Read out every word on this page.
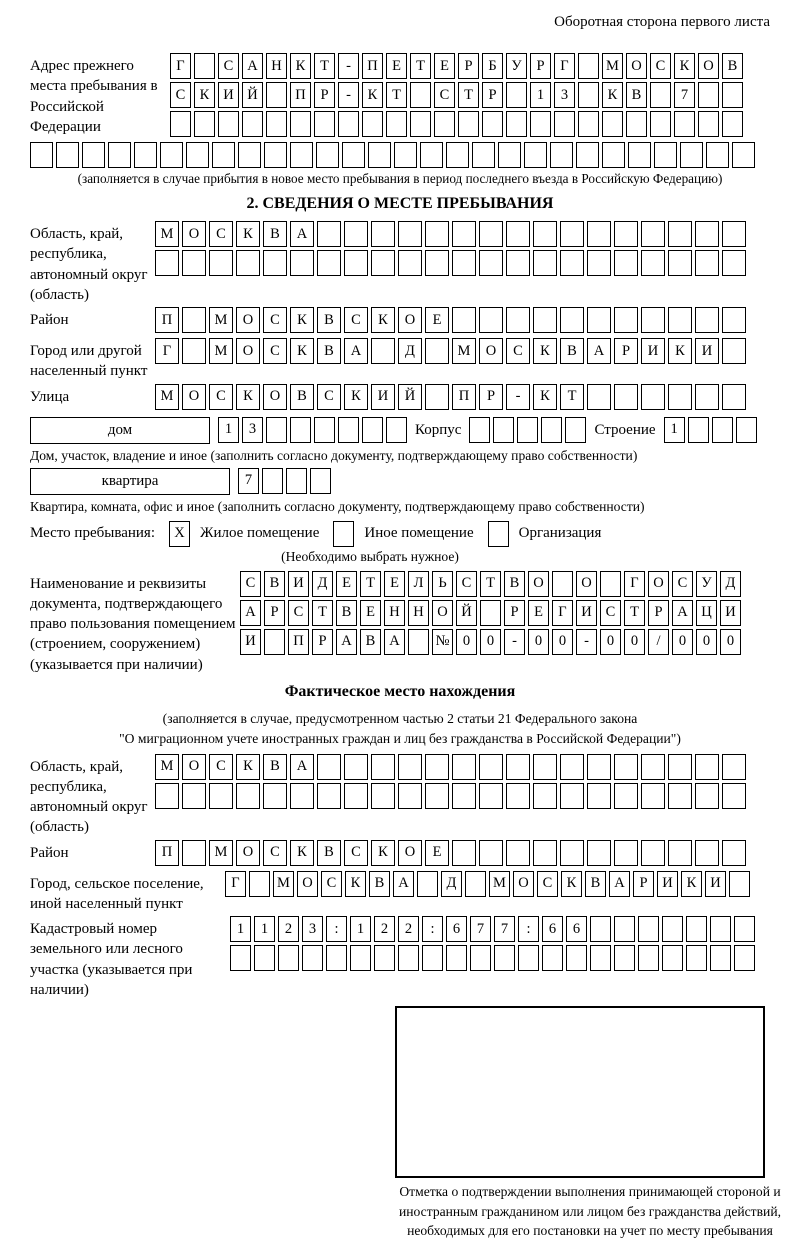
Оборотная сторона первого листа
Адрес прежнего места пребывания в Российской Федерации
Г	С А Н К	Т	-	П Е	Т	Е	Р	Б	У	Р	Г	М О С К О В
С К И Й	П	Р	-	К	Т	С	Т	Р	1	3	К В	7
(заполняется в случае прибытия в новое место пребывания в период последнего въезда в Российскую Федерацию)
2. СВЕДЕНИЯ О МЕСТЕ ПРЕБЫВАНИЯ
Область, край, республика, автономный округ (область)
М	О	С	К	В	А
Район	П	М	О	С	К	В	С	К	О	Е
Город или другой населенный пункт
Г	М	О	С	К	В	А	Д	М	О	С	К	В	А	Р	И	К	И
Улица	М	О	С	К	О	В	С	К	И	Й	П	Р	-	К	Т
дом	1	3	Корпус	Строение	1
Дом, участок, владение и иное (заполнить согласно документу, подтверждающему право собственности)
квартира	7
Квартира, комната, офис и иное (заполнить согласно документу, подтверждающему право собственности)
Место пребывания:	X	Жилое помещение	Иное помещение	Организация
(Необходимо выбрать нужное)
Наименование и реквизиты документа, подтверждающего право пользования помещением (строением, сооружением) (указывается при наличии)
С В И Д	Е	Т	Е	Л	Ь	С	Т	В О	О	Г	О С У Д
А	Р	С	Т	В	Е Н Н О Й	Р	Е	Г	И С	Т	Р	А Ц И
И	П	Р	А В А	№ 0	0	-	0	0	-	0	0	/	0	0	0
Фактическое место нахождения
(заполняется в случае, предусмотренном частью 2 статьи 21 Федерального закона
"О миграционном учете иностранных граждан и лиц без гражданства в Российской Федерации")
Область, край, республика, автономный округ (область)
М	О	С	К	В	А
Район	П	М	О	С	К	В	С	К	О	Е
Город, сельское поселение, иной населенный пункт
Г	М О С К В А	Д	М О С К В А	Р	И К И
Кадастровый номер земельного или лесного участка (указывается при наличии)
1	1	2	3	:	1	2	2	:	6	7	7	:	6	6
Отметка о подтверждении выполнения принимающей стороной и иностранным гражданином или лицом без гражданства действий, необходимых для его постановки на учет по месту пребывания
